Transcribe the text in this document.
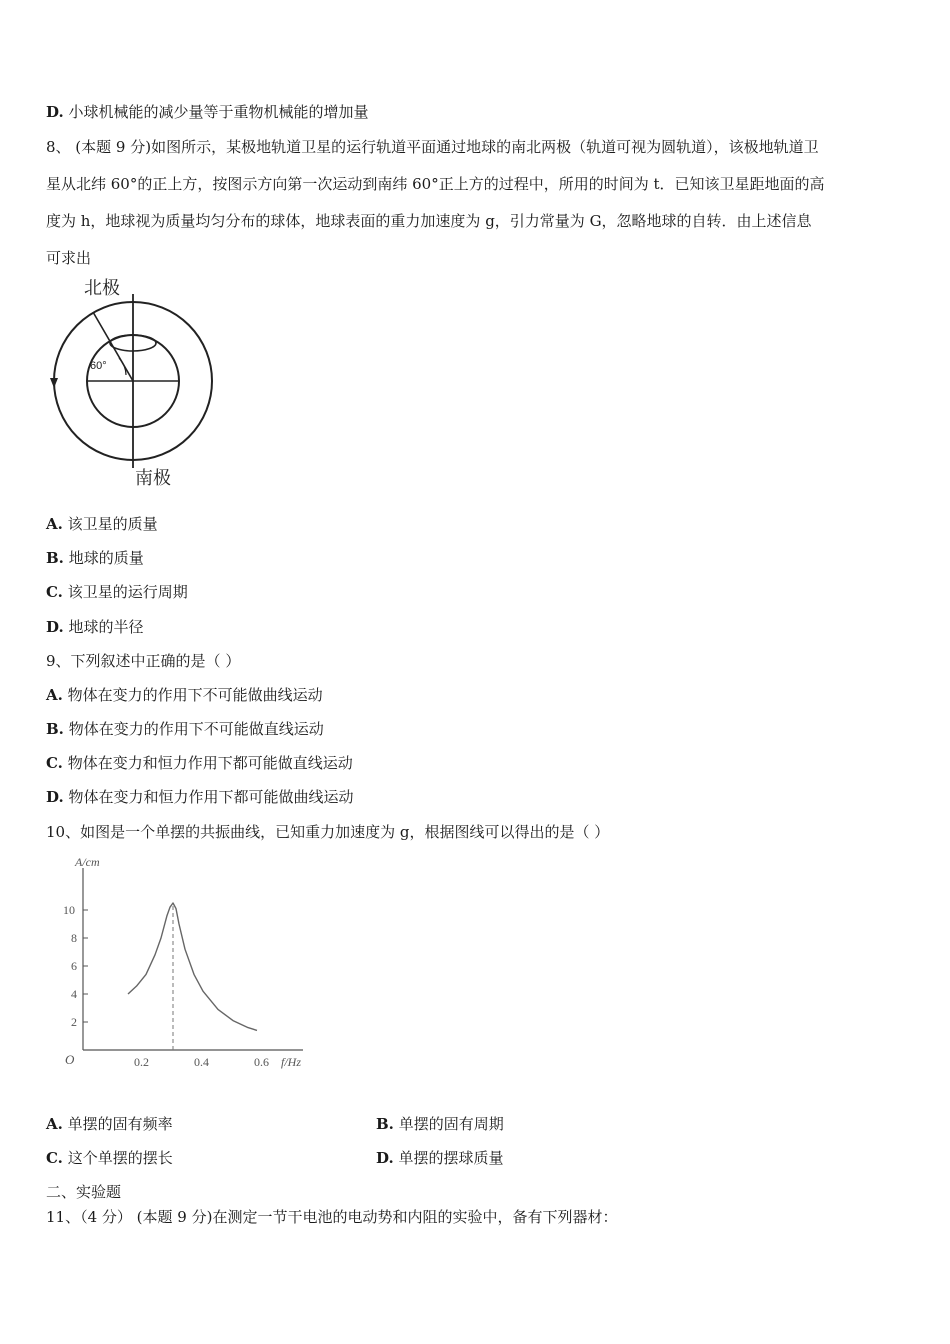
D. 小球机械能的减少量等于重物机械能的增加量
8、 (本题 9 分)如图所示，某极地轨道卫星的运行轨道平面通过地球的南北两极（轨道可视为圆轨道），该极地轨道卫
星从北纬 60°的正上方，按图示方向第一次运动到南纬 60°正上方的过程中，所用的时间为 t．已知该卫星距地面的高
度为 h，地球视为质量均匀分布的球体，地球表面的重力加速度为 g，引力常量为 G，忽略地球的自转．由上述信息
可求出
60°
北极
南极
A. 该卫星的质量
B. 地球的质量
C. 该卫星的运行周期
D. 地球的半径
9、下列叙述中正确的是（ ）
A. 物体在变力的作用下不可能做曲线运动
B. 物体在变力的作用下不可能做直线运动
C. 物体在变力和恒力作用下都可能做直线运动
D. 物体在变力和恒力作用下都可能做曲线运动
10、如图是一个单摆的共振曲线，已知重力加速度为 g，根据图线可以得出的是（ ）
A/cm
f/Hz
O	0.2	0.4	0.6
2
4
6
8
10
A. 单摆的固有频率	B. 单摆的固有周期
C. 这个单摆的摆长	D. 单摆的摆球质量
二、实验题
11、（4 分） (本题 9 分)在测定一节干电池的电动势和内阻的实验中，备有下列器材：
